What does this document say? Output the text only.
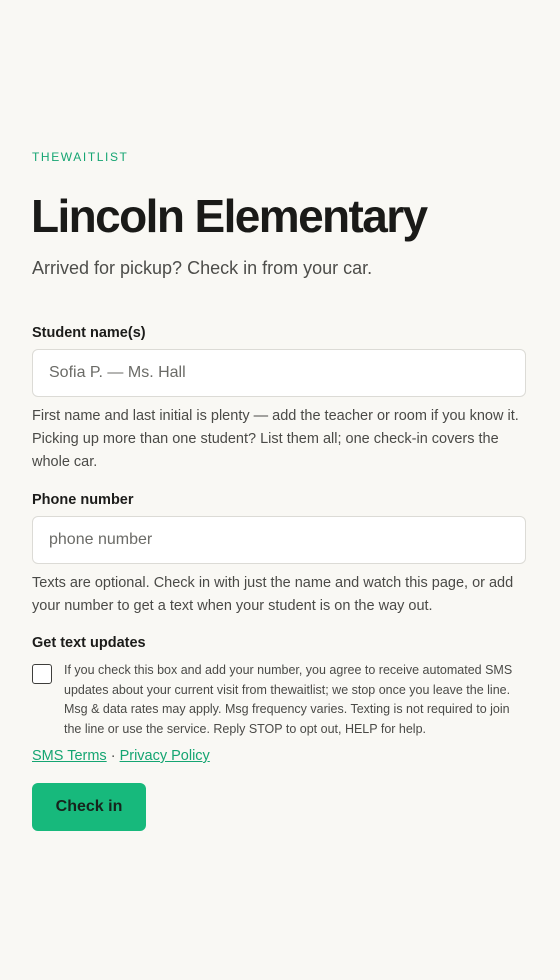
THEWAITLIST
Lincoln Elementary
Arrived for pickup? Check in from your car.
Student name(s)
Sofia P. — Ms. Hall

First name and last initial is plenty — add the teacher or room if you know it.

Picking up more than one student? List them all; one check-in covers the whole car.

Phone number
phone number
Texts are optional. Check in with just the name and watch this page, or add your number to get a text when your student is on the way out.
Get text updates
If you check this box and add your number, you agree to receive automated SMS updates about your current visit from thewaitlist; we stop once you leave the line. Msg & data rates may apply. Msg frequency varies. Texting is not required to join the line or use the service. Reply STOP to opt out, HELP for help.
SMS Terms · Privacy Policy
Check in
